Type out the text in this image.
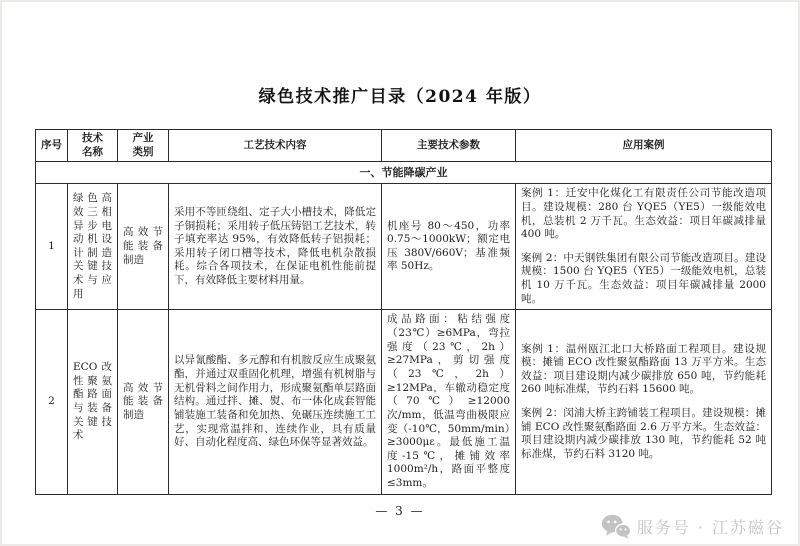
绿色技术推广目录（2024 年版）
序号	技术名称	产业类别	工艺技术内容	主要技术参数	应用案例
一、节能降碳产业					
1	绿色高效三相异步电动机设计制造关键技术与应用	高效节能装备制造	采用不等匝绕组、定子大小槽技术，降低定子铜损耗；采用转子低压铸铝工艺技术，转子填充率达 95%，有效降低转子铝损耗；采用转子闭口槽等技术，降低电机杂散损耗。综合各项技术，在保证电机性能前提下，有效降低主要材料用量。	机座号 80～450，功率 0.75～1000kW；额定电压 380V/660V；基准频率 50Hz。	案例 1：迁安中化煤化工有限责任公司节能改造项目。建设规模：280 台 YQE5（YE5）一级能效电机，总装机 2 万千瓦。生态效益：项目年碳减排量 400 吨。

案例 2：中天钢铁集团有限公司节能改造项目。建设规模：1500 台 YQE5（YE5）一级能效电机，总装机 10 万千瓦。生态效益：项目年碳减排量 2000 吨。

2	ECO 改性聚氨酯路面与装备关键技术	高效节能装备制造	以异氰酸酯、多元醇和有机胺反应生成聚氨酯，并通过双重固化机理，增强有机树脂与无机骨料之间作用力，形成聚氨酯单层路面结构。通过拌、摊、熨、布一体化成套智能铺装施工装备和免加热、免碾压连续施工工艺，实现常温拌和、连续作业，具有质量好、自动化程度高、绿色环保等显著效益。	成品路面：粘结强度（23℃）≥6MPa，弯拉强度（23℃，2h）≥27MPa，剪切强度（23℃，2h）≥12MPa，车辙动稳定度（70℃）≥12000 次/mm，低温弯曲极限应变（-10℃，50mm/min）≥3000με。最低施工温度-15℃，摊铺效率 1000m²/h，路面平整度≤3mm。	案例 1：温州瓯江北口大桥路面工程项目。建设规模：摊铺 ECO 改性聚氨酯路面 13 万平方米。生态效益：项目建设期内减少碳排放 650 吨，节约能耗 260 吨标准煤，节约石料 15600 吨。

案例 2：闵浦大桥主跨铺装工程项目。建设规模：摊铺 ECO 改性聚氨酯路面 2.6 万平方米。生态效益：项目建设期内减少碳排放 130 吨，节约能耗 52 吨标准煤，节约石料 3120 吨。

— 3 —
服务号 · 江苏磁谷
